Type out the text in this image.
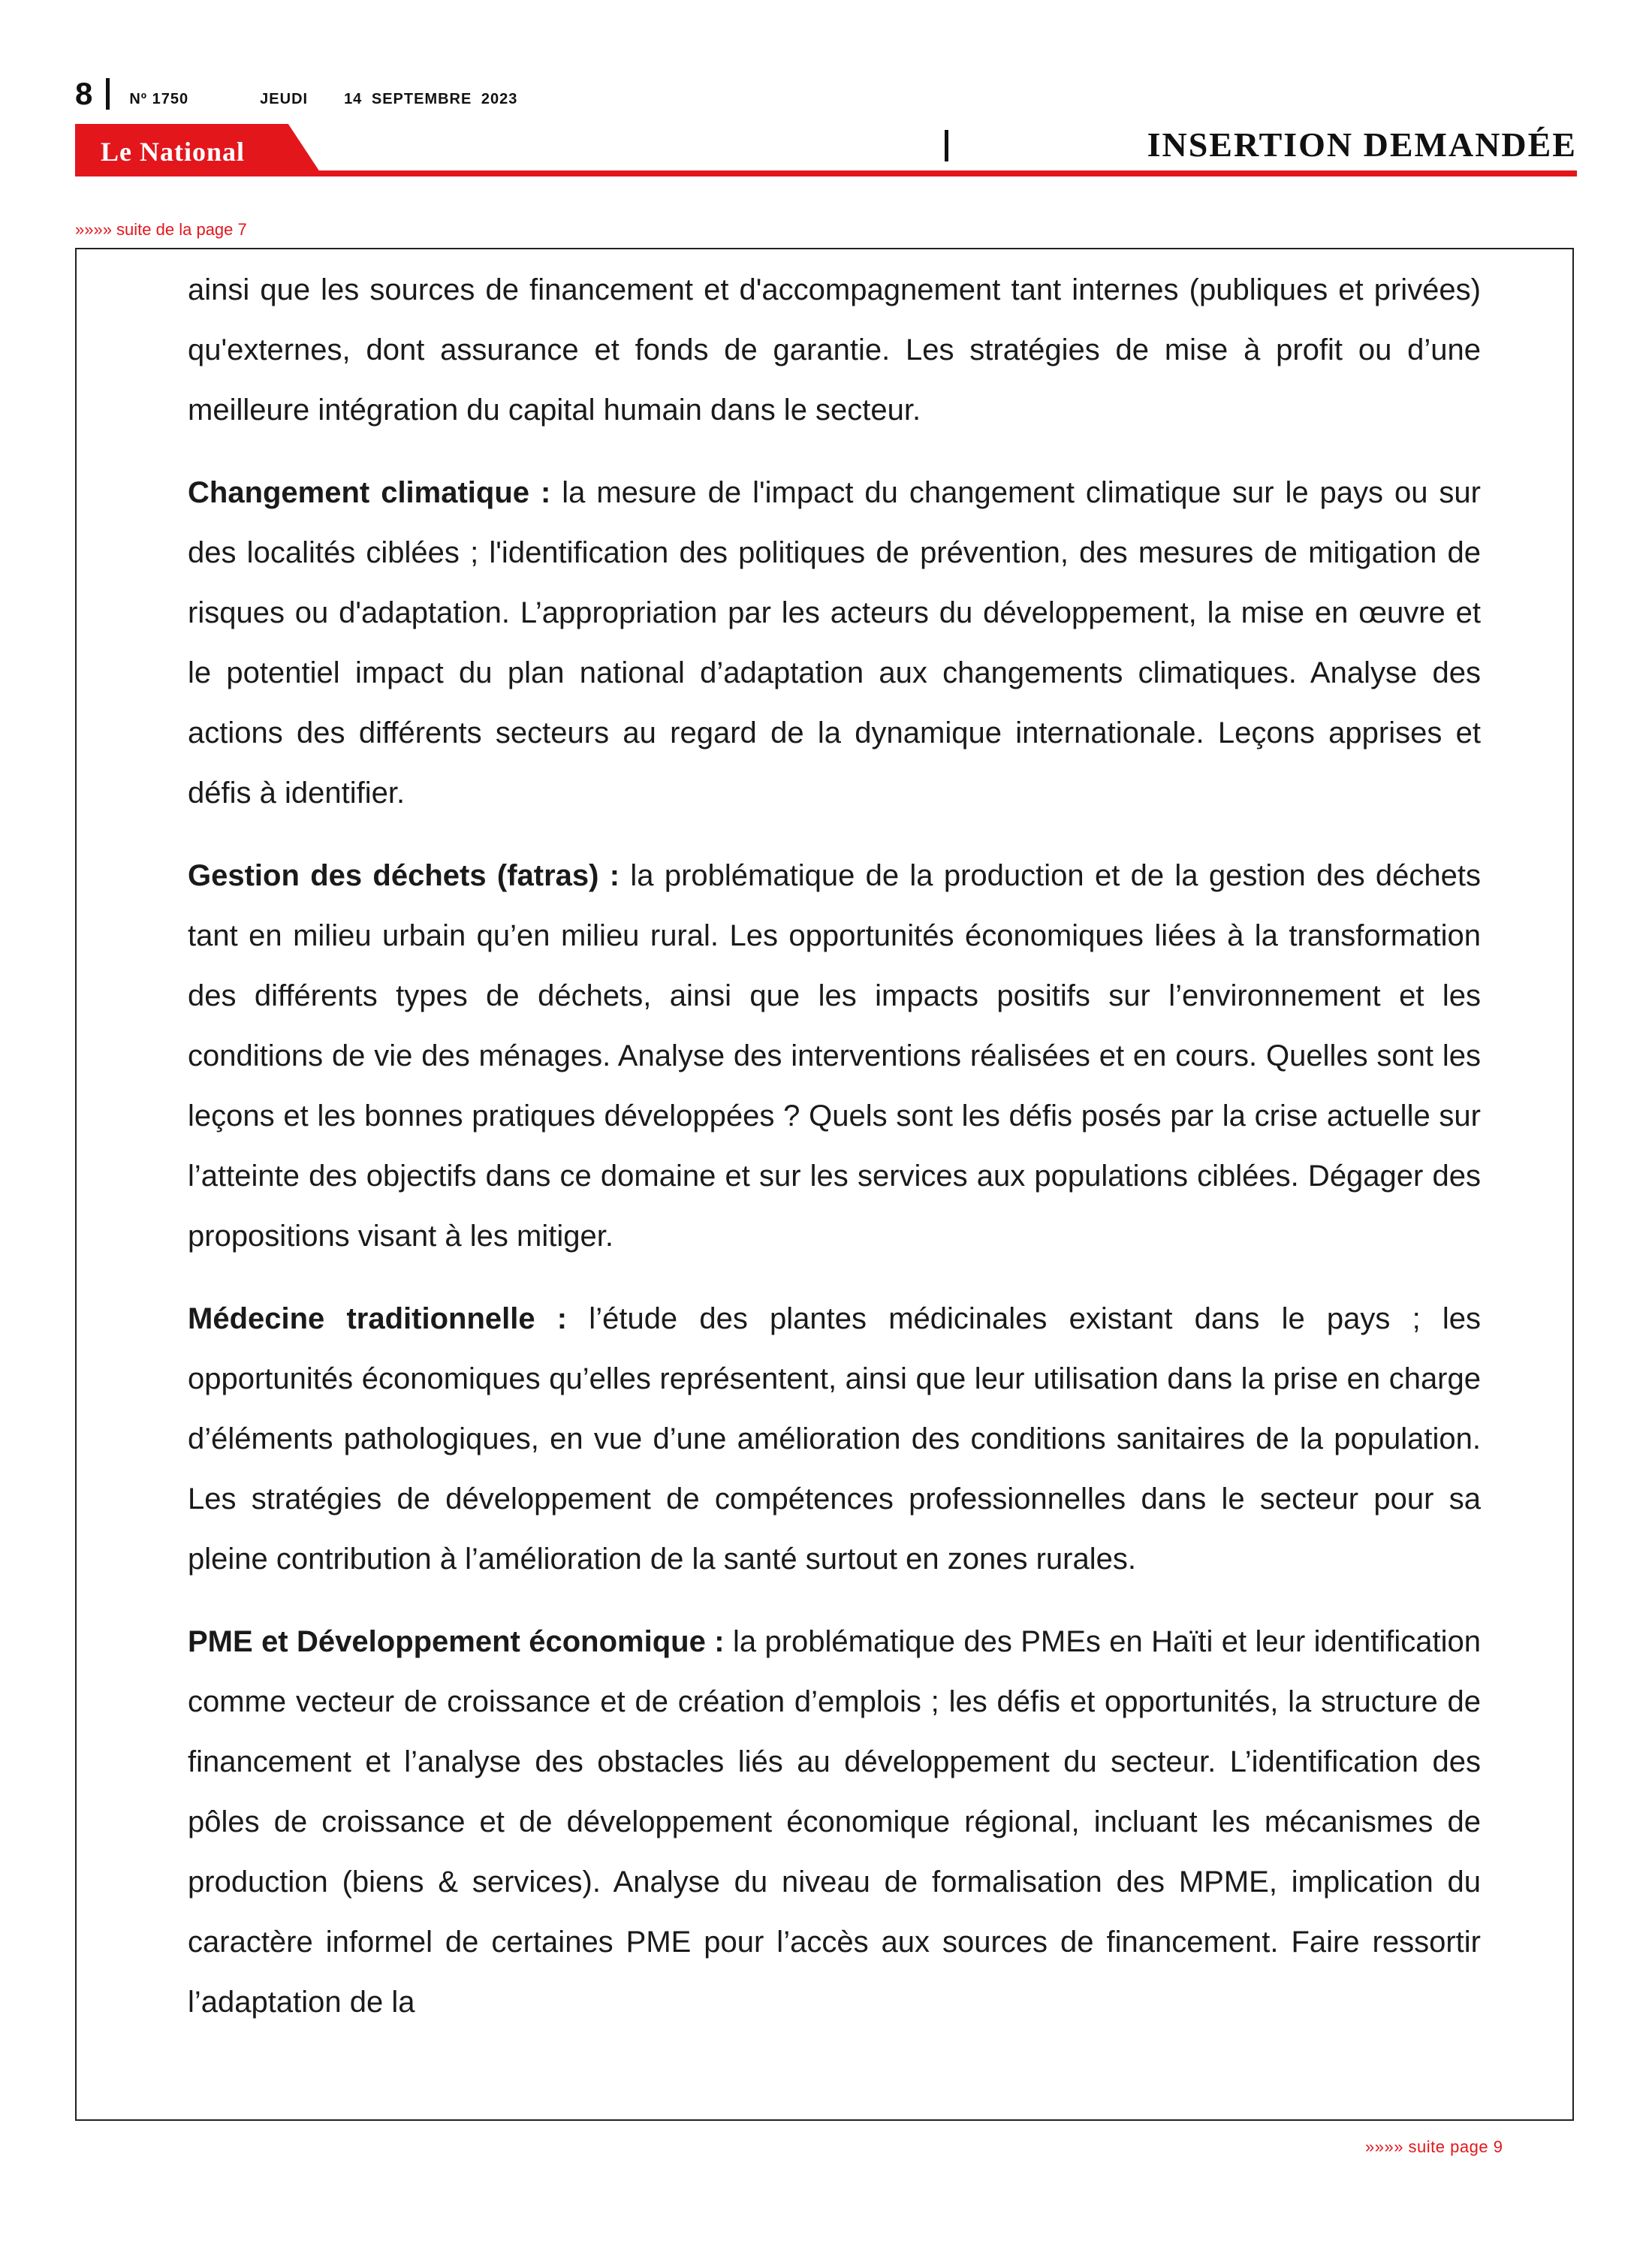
8	Nº 1750	JEUDI 14 SEPTEMBRE 2023
Le National	INSERTION DEMANDÉE
»»»» suite de la page 7

ainsi que les sources de financement et d'accompagnement tant internes (publiques et privées) qu'externes, dont assurance et fonds de garantie. Les stratégies de mise à profit ou d’une meilleure intégration du capital humain dans le secteur.

Changement climatique : la mesure de l'impact du changement climatique sur le pays ou sur des localités ciblées ; l'identification des politiques de prévention, des mesures de mitigation de risques ou d'adaptation. L’appropriation par les acteurs du développement, la mise en œuvre et le potentiel impact du plan national d’adaptation aux changements climatiques. Analyse des actions des différents secteurs au regard de la dynamique internationale. Leçons apprises et défis à identifier.

Gestion des déchets (fatras) : la problématique de la production et de la gestion des déchets tant en milieu urbain qu’en milieu rural. Les opportunités économiques liées à la transformation des différents types de déchets, ainsi que les impacts positifs sur l’environnement et les conditions de vie des ménages. Analyse des interventions réalisées et en cours. Quelles sont les leçons et les bonnes pratiques développées ? Quels sont les défis posés par la crise actuelle sur l’atteinte des objectifs dans ce domaine et sur les services aux populations ciblées. Dégager des propositions visant à les mitiger.

Médecine traditionnelle : l’étude des plantes médicinales existant dans le pays ; les opportunités économiques qu’elles représentent, ainsi que leur utilisation dans la prise en charge d’éléments pathologiques, en vue d’une amélioration des conditions sanitaires de la population. Les stratégies de développement de compétences professionnelles dans le secteur pour sa pleine contribution à l’amélioration de la santé surtout en zones rurales.

PME et Développement économique : la problématique des PMEs en Haïti et leur identification comme vecteur de croissance et de création d’emplois ; les défis et opportunités, la structure de financement et l’analyse des obstacles liés au développement du secteur. L’identification des pôles de croissance et de développement économique régional, incluant les mécanismes de production (biens & services). Analyse du niveau de formalisation des MPME, implication du caractère informel de certaines PME pour l’accès aux sources de financement. Faire ressortir l’adaptation de la

»»»» suite page 9
